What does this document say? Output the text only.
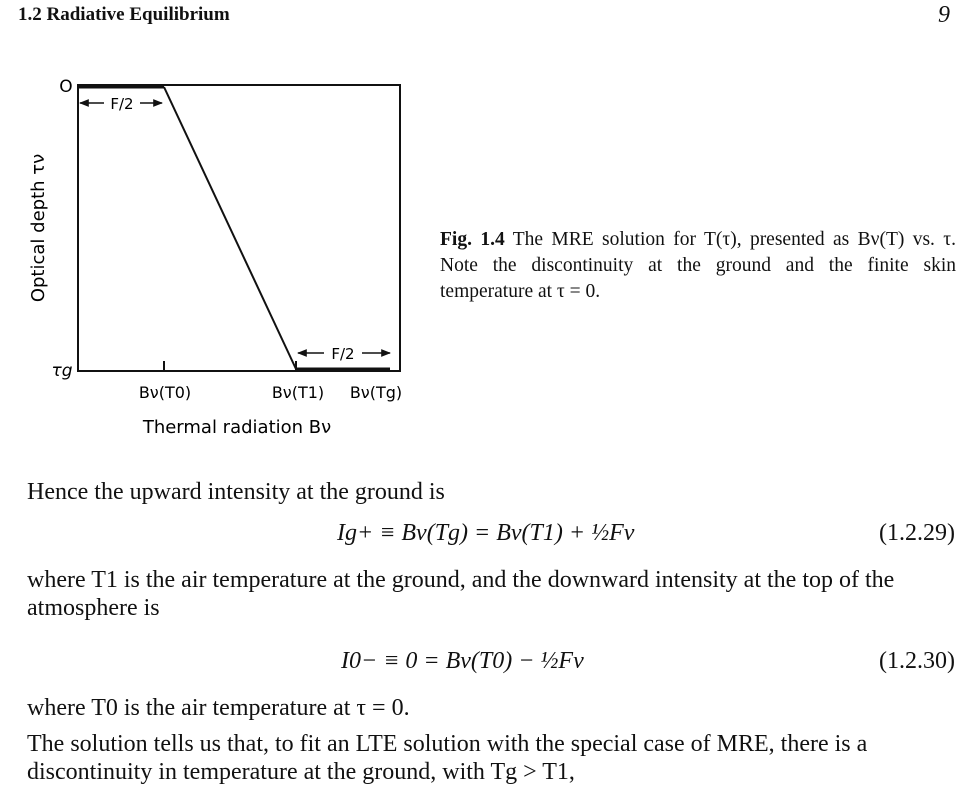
1.2 Radiative Equilibrium	9
F/2
F/2
O
τg
Optical depth τν
Bν(T0)	Bν(T1) Bν(Tg)
Thermal radiation Bν
Fig. 1.4 The MRE solution for T(τ), presented as Bν(T) vs. τ. Note the discontinuity at the ground and the finite skin temperature at τ = 0.
Hence the upward intensity at the ground is
Ig+ ≡ Bν(Tg) = Bν(T1) + ½Fν	(1.2.29)
where T1 is the air temperature at the ground, and the downward intensity at the top of the atmosphere is
I0− ≡ 0 = Bν(T0) − ½Fν	(1.2.30)
where T0 is the air temperature at τ = 0.
The solution tells us that, to fit an LTE solution with the special case of MRE, there is a discontinuity in temperature at the ground, with Tg > T1,
